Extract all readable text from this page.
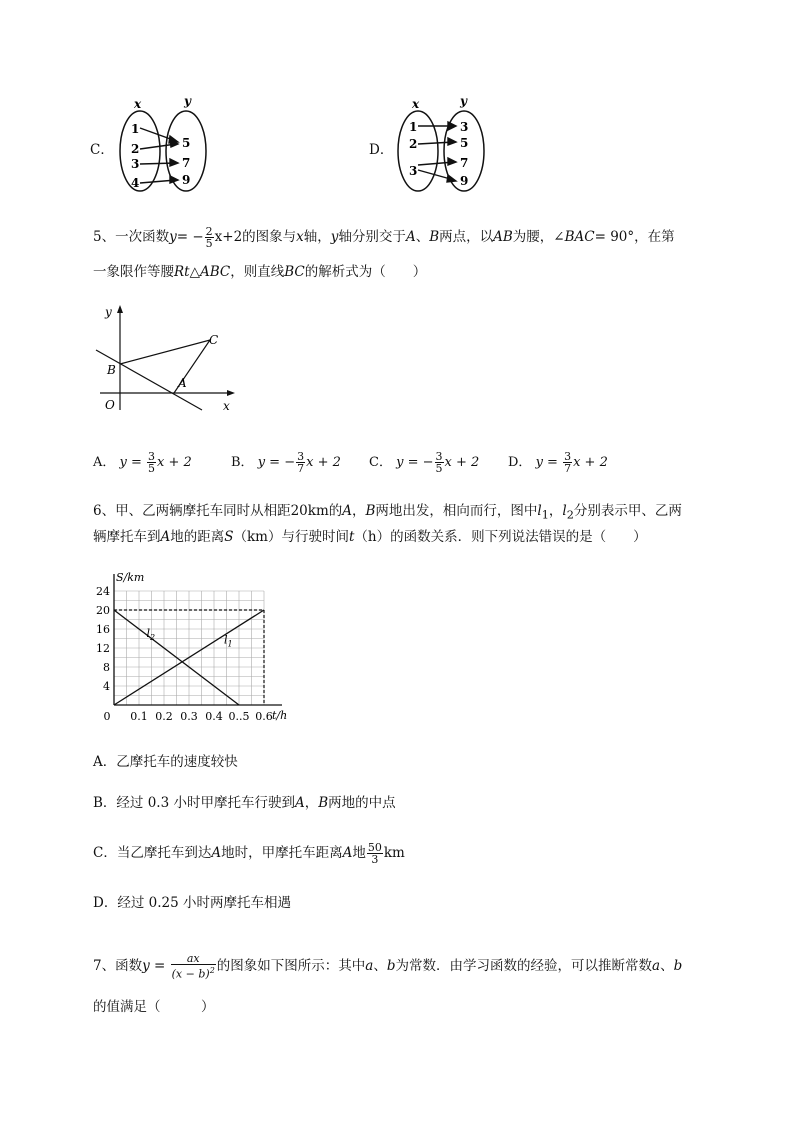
C．
x	y
1
2
3
4
5
7
9
D．
x	y
1
2
3
3
5
7
9
5、一次函数$y= - \frac{2}{5} x+2$的图象与x轴，y轴分别交于A、B两点，以AB为腰，∠BAC= 90°，在第
一象限作等腰Rt△ABC，则直线BC的解析式为（　　）
y
x
O
B
A
C
A． $y = \frac{3}{5}$ x + 2	B． y = − $\frac{3}{7}$ x + 2 C． y = − $\frac{3}{5}$ x + 2 D． $y = \frac{3}{7}$ x + 2
6、甲、乙两辆摩托车同时从相距20km的A，B两地出发，相向而行，图中$l_1$，$l_2$分别表示甲、乙两
辆摩托车到A地的距离S（km）与行驶时间t（h）的函数关系．则下列说法错误的是（　　）
4
8
12
16
20
24
0 0.1 0.2 0.3 0.4 0..5 0.6
S/km
t/h
$l_2$	$l_1$
A．乙摩托车的速度较快
B．经过 0.3 小时甲摩托车行驶到A，B两地的中点
C．当乙摩托车到达A地时，甲摩托车距离A地 $\frac{50}{3}$ km
D．经过 0.25 小时两摩托车相遇
7、函数$y = \frac{ax}{(x - b)^2}$ 的图象如下图所示：其中a、b为常数．由学习函数的经验，可以推断常数a、b
的值满足（　　　）
